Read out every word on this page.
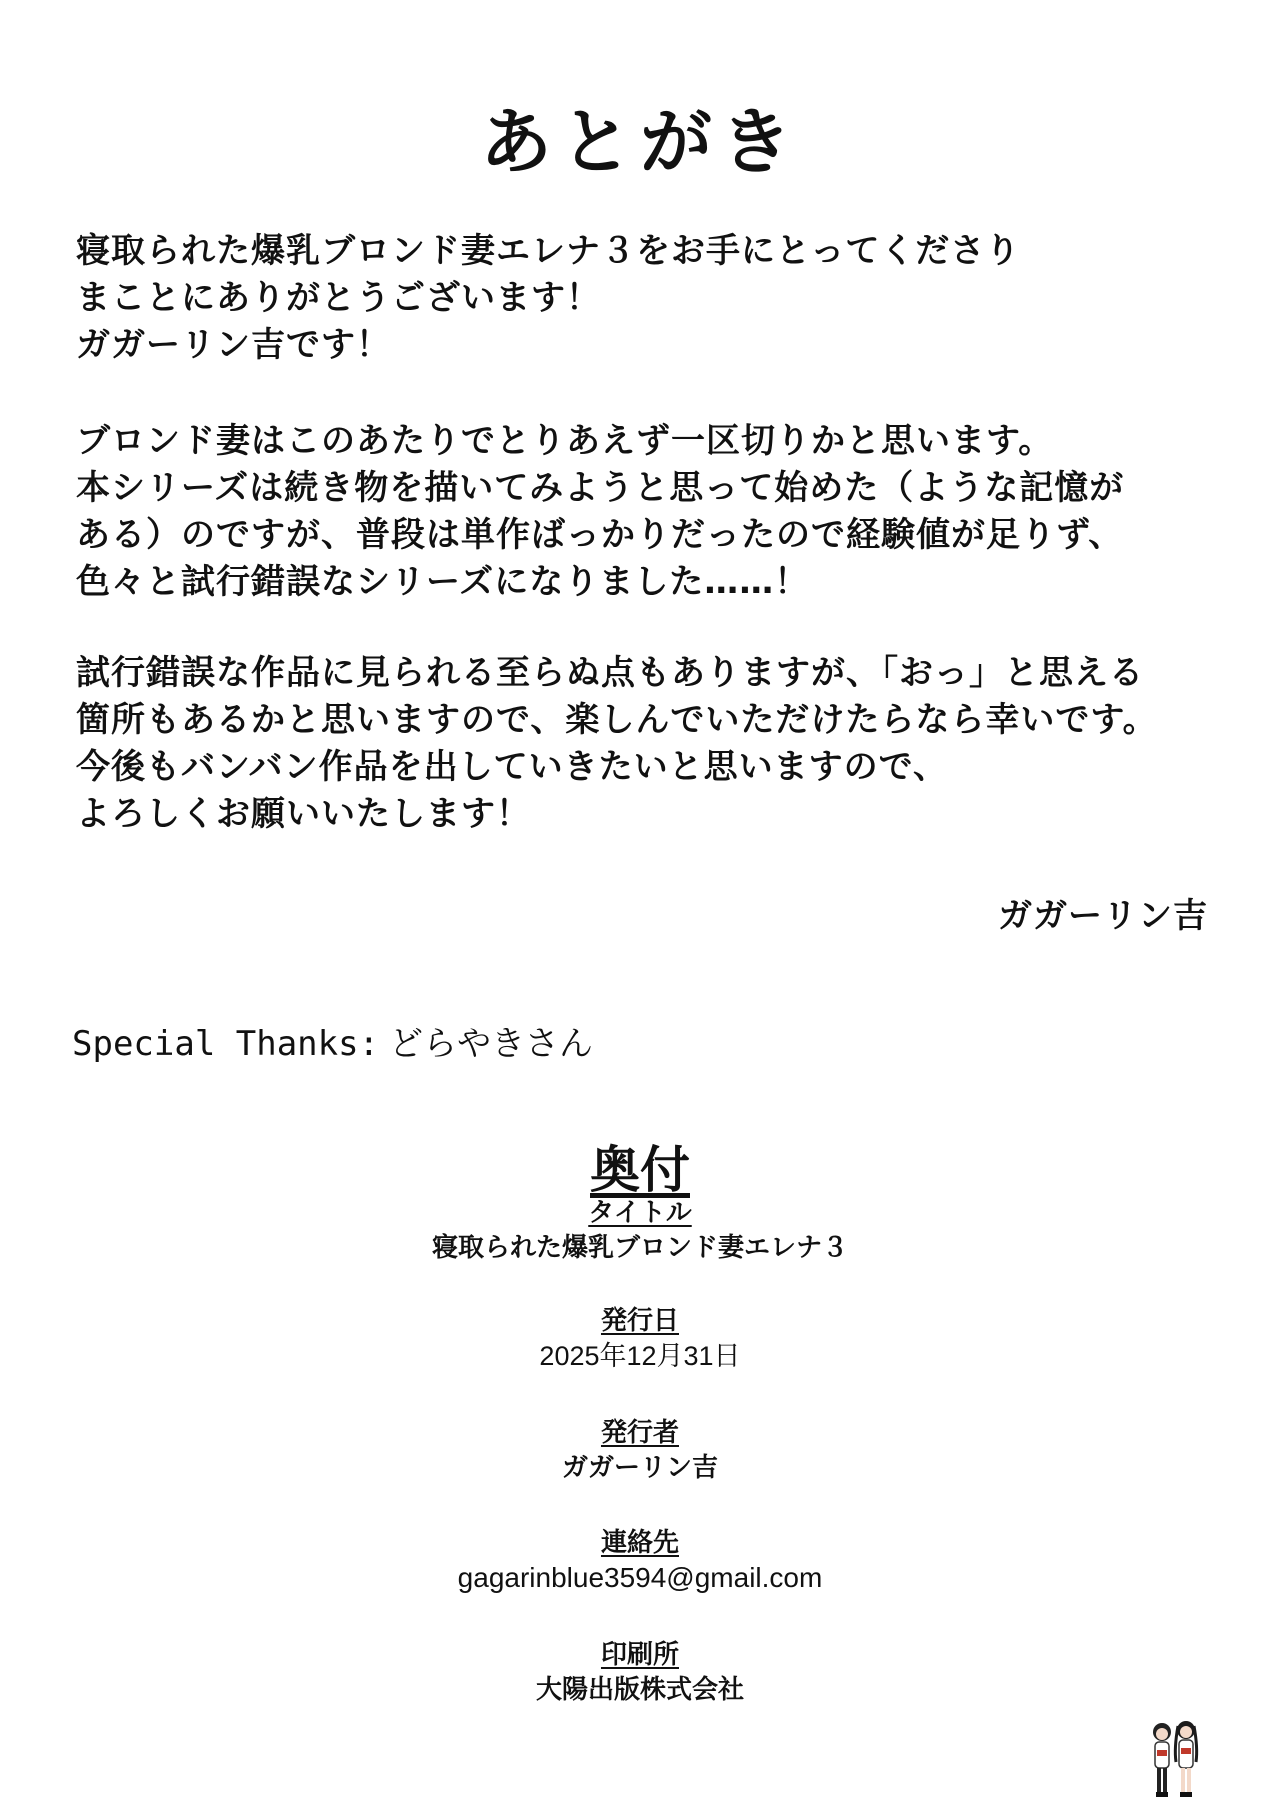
あとがき
寝取られた爆乳ブロンド妻エレナ３をお手にとってくださり
まことにありがとうございます！
ガガーリン吉です！
ブロンド妻はこのあたりでとりあえず一区切りかと思います。
本シリーズは続き物を描いてみようと思って始めた（ような記憶が
ある）のですが、普段は単作ばっかりだったので経験値が足りず、
色々と試行錯誤なシリーズになりました……！
試行錯誤な作品に見られる至らぬ点もありますが、「おっ」と思える
箇所もあるかと思いますので、楽しんでいただけたらなら幸いです。
今後もバンバン作品を出していきたいと思いますので、
よろしくお願いいたします！
ガガーリン吉
Special Thanks: どらやきさん
奥付
タイトル
寝取られた爆乳ブロンド妻エレナ３
発行日
2025年12月31日
発行者
ガガーリン吉
連絡先
gagarinblue3594@gmail.com
印刷所
大陽出版株式会社
